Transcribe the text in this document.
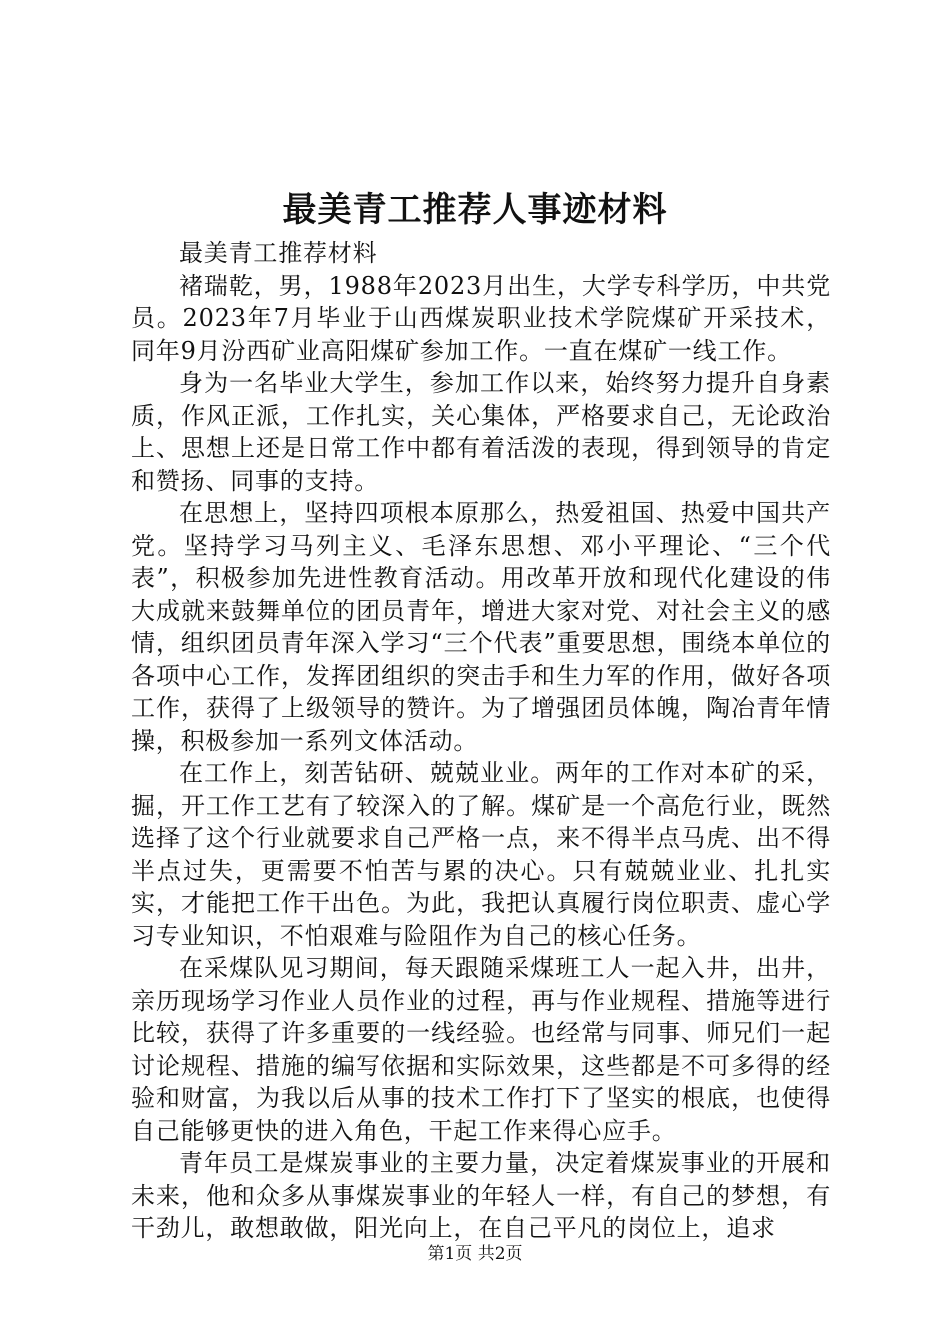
最美青工推荐人事迹材料

最美青工推荐材料

褚瑞乾，男，1988年2023月出生，大学专科学历，中共党员。2023年7月毕业于山西煤炭职业技术学院煤矿开采技术，同年9月汾西矿业高阳煤矿参加工作。一直在煤矿一线工作。

身为一名毕业大学生，参加工作以来，始终努力提升自身素质，作风正派，工作扎实，关心集体，严格要求自己，无论政治上、思想上还是日常工作中都有着活泼的表现，得到领导的肯定和赞扬、同事的支持。

在思想上，坚持四项根本原那么，热爱祖国、热爱中国共产党。坚持学习马列主义、毛泽东思想、邓小平理论、“三个代表”，积极参加先进性教育活动。用改革开放和现代化建设的伟大成就来鼓舞单位的团员青年，增进大家对党、对社会主义的感情，组织团员青年深入学习“三个代表”重要思想，围绕本单位的各项中心工作，发挥团组织的突击手和生力军的作用，做好各项工作，获得了上级领导的赞许。为了增强团员体魄，陶冶青年情操，积极参加一系列文体活动。

在工作上，刻苦钻研、兢兢业业。两年的工作对本矿的采，掘，开工作工艺有了较深入的了解。煤矿是一个高危行业，既然选择了这个行业就要求自己严格一点，来不得半点马虎、出不得半点过失，更需要不怕苦与累的决心。只有兢兢业业、扎扎实实，才能把工作干出色。为此，我把认真履行岗位职责、虚心学习专业知识，不怕艰难与险阻作为自己的核心任务。

在采煤队见习期间，每天跟随采煤班工人一起入井，出井，亲历现场学习作业人员作业的过程，再与作业规程、措施等进行比较，获得了许多重要的一线经验。也经常与同事、师兄们一起讨论规程、措施的编写依据和实际效果，这些都是不可多得的经验和财富，为我以后从事的技术工作打下了坚实的根底，也使得自己能够更快的进入角色，干起工作来得心应手。

青年员工是煤炭事业的主要力量，决定着煤炭事业的开展和未来，他和众多从事煤炭事业的年轻人一样，有自己的梦想，有干劲儿，敢想敢做，阳光向上，在自己平凡的岗位上，追求

第1页 共2页
